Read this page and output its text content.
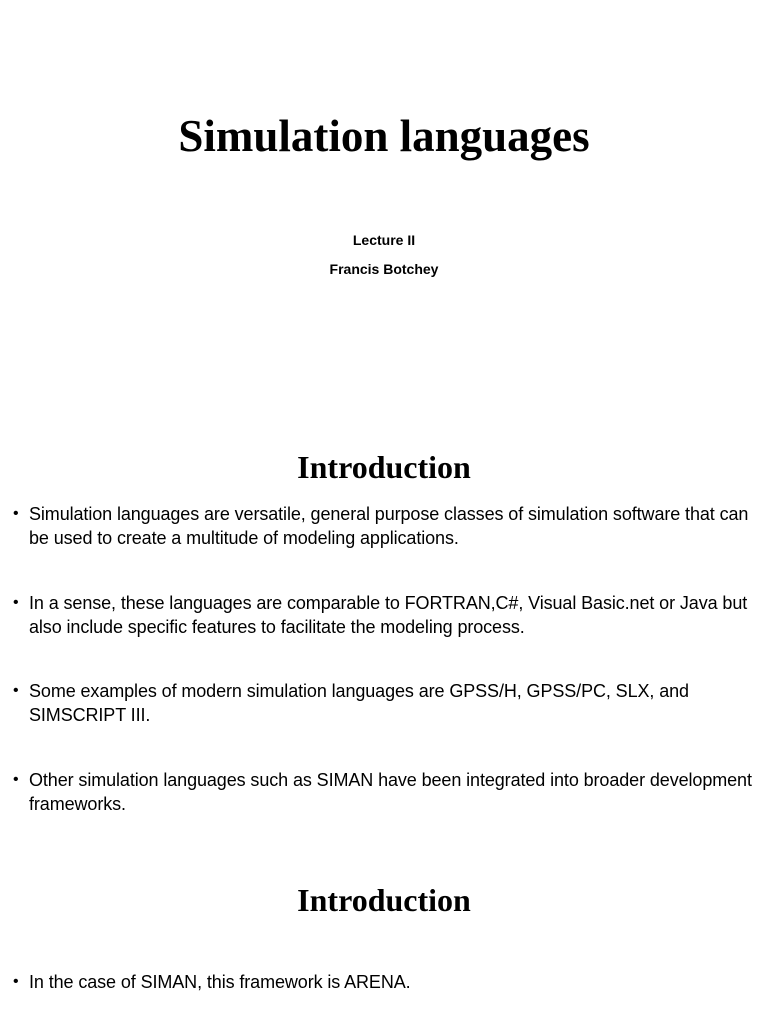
Simulation languages

Lecture II

Francis Botchey

Introduction
• Simulation languages are versatile, general purpose classes of simulation software that can be used to create a multitude of modeling applications.
• In a sense, these languages are comparable to FORTRAN,C#, Visual Basic.net or Java but also include specific features to facilitate the modeling process.
• Some examples of modern simulation languages are GPSS/H, GPSS/PC, SLX, and SIMSCRIPT III.
• Other simulation languages such as SIMAN have been integrated into broader development frameworks.
Introduction
• In the case of SIMAN, this framework is ARENA.
